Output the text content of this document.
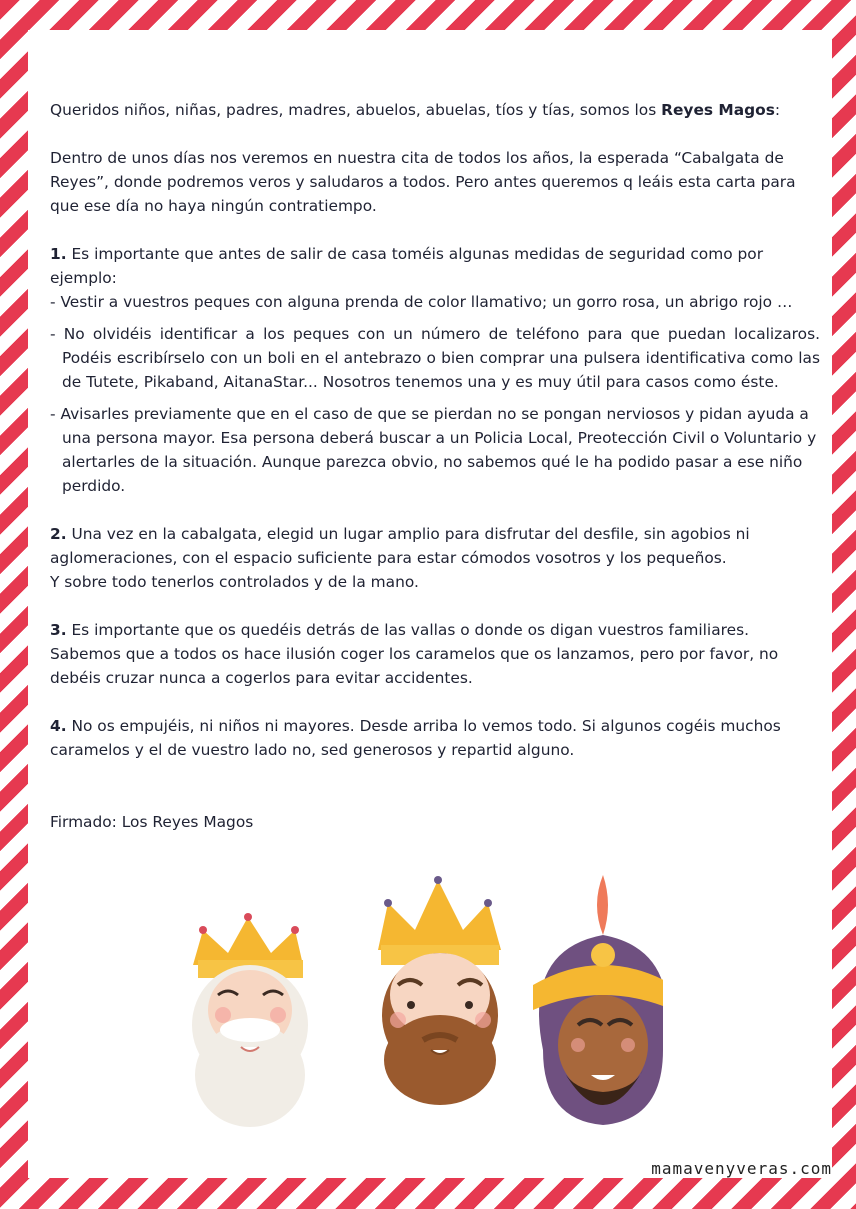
Queridos niños, niñas, padres, madres, abuelos, abuelas, tíos y tías, somos los Reyes Magos:

Dentro de unos días nos veremos en nuestra cita de todos los años, la esperada “Cabalgata de Reyes”, donde podremos veros y saludaros a todos. Pero antes queremos q leáis esta carta para que ese día no haya ningún contratiempo.

1. Es importante que antes de salir de casa toméis algunas medidas de seguridad como por ejemplo:

- Vestir a vuestros peques con alguna prenda de color llamativo; un gorro rosa, un abrigo rojo …

- No olvidéis identificar a los peques con un número de teléfono para que puedan localizaros. Podéis escribírselo con un boli en el antebrazo o bien comprar una pulsera identificativa como las de Tutete, Pikaband, AitanaStar... Nosotros tenemos una y es muy útil para casos como éste.

- Avisarles previamente que en el caso de que se pierdan no se pongan nerviosos y pidan ayuda a una persona mayor. Esa persona deberá buscar a un Policia Local, Preotección Civil o Voluntario y alertarles de la situación. Aunque parezca obvio, no sabemos qué le ha podido pasar a ese niño perdido.

2. Una vez en la cabalgata, elegid un lugar amplio para disfrutar del desfile, sin agobios ni aglomeraciones, con el espacio suficiente para estar cómodos vosotros y los pequeños.

Y sobre todo tenerlos controlados y de la mano.

3. Es importante que os quedéis detrás de las vallas o donde os digan vuestros familiares. Sabemos que a todos os hace ilusión coger los caramelos que os lanzamos, pero por favor, no debéis cruzar nunca a cogerlos para evitar accidentes.

4. No os empujéis, ni niños ni mayores. Desde arriba lo vemos todo. Si algunos cogéis muchos caramelos y el de vuestro lado no, sed generosos y repartid alguno.

Firmado: Los Reyes Magos

mamavenyveras.com
